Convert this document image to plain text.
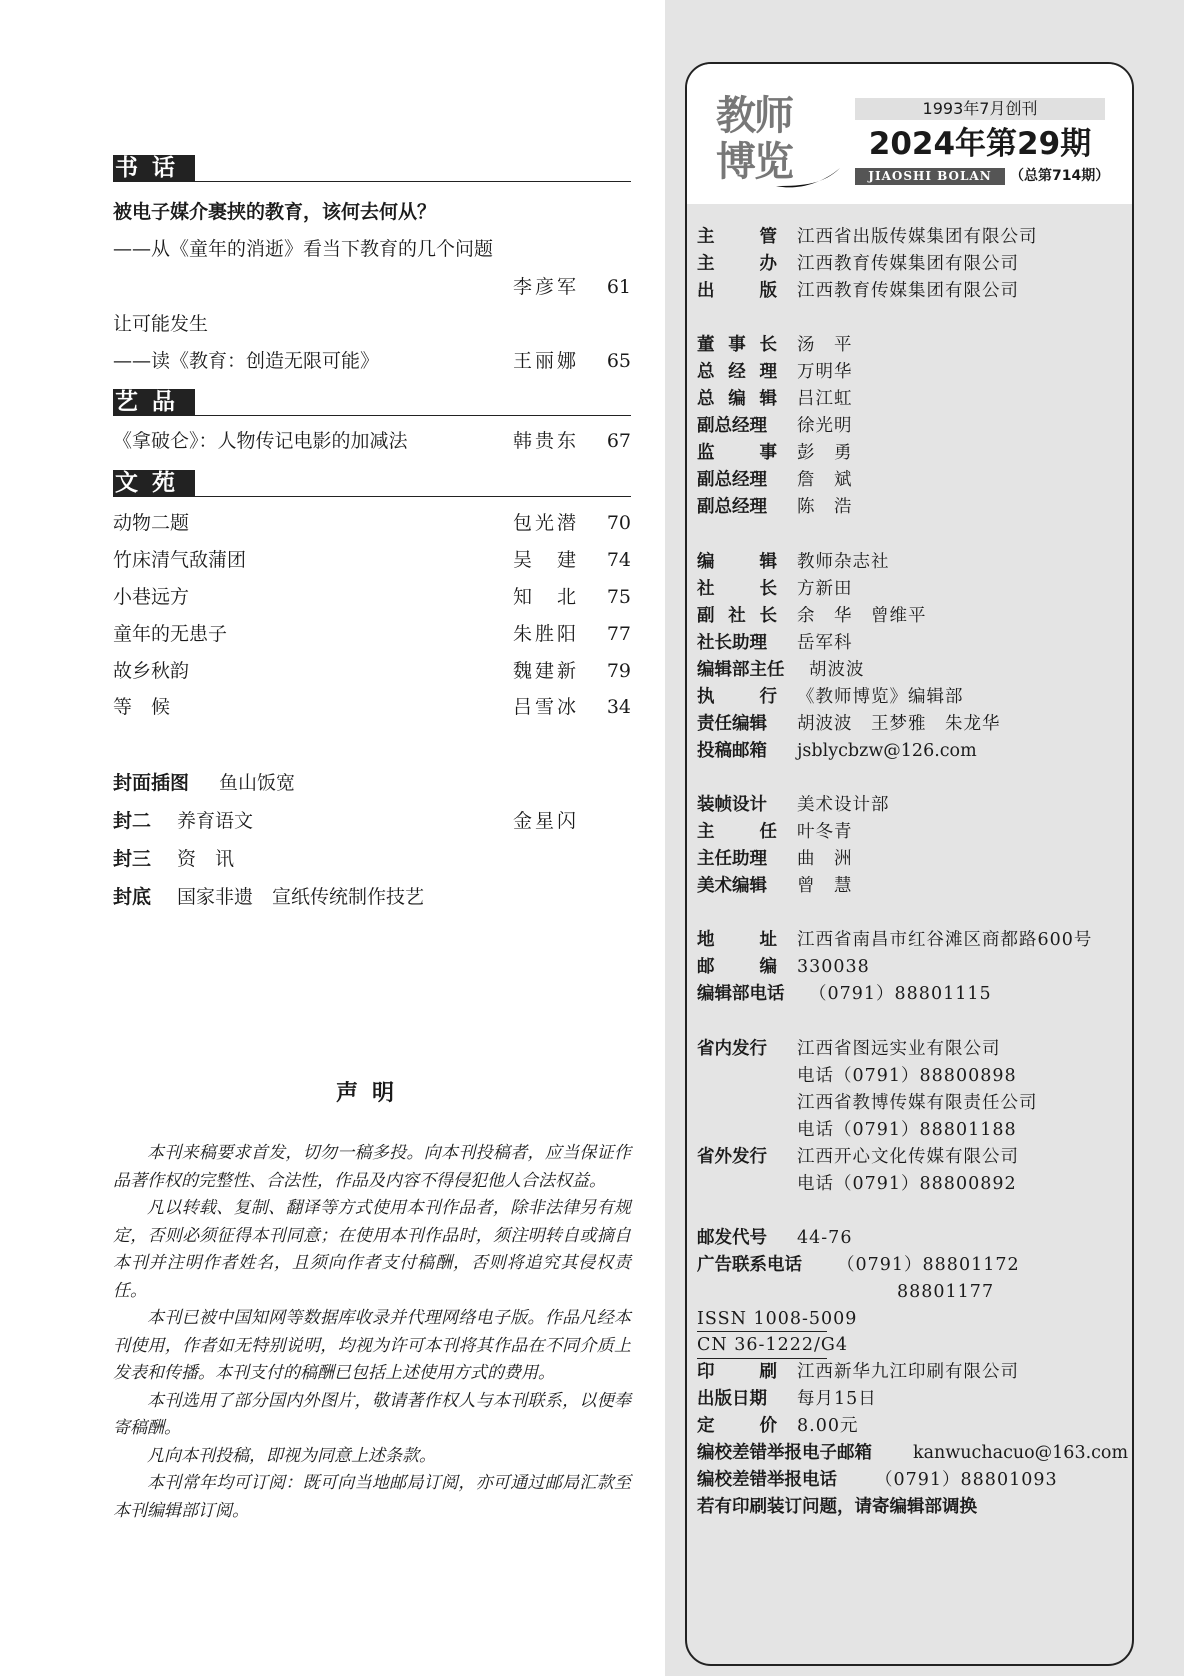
书话
被电子媒介裹挟的教育，该何去何从？
——从《童年的消逝》看当下教育的几个问题
李彦军 61
让可能发生
——读《教育：创造无限可能》	王丽娜 65
艺品
《拿破仑》：人物传记电影的加减法	韩贵东 67
文苑
动物二题	包光潜 70
竹床清气敌蒲团	吴　建 74
小巷远方	知　北 75
童年的无患子	朱胜阳 77
故乡秋韵	魏建新 79
等　候	吕雪冰 34
封面插图 鱼山饭宽
封二 养育语文	金星闪
封三 资　讯
封底 国家非遗　宣纸传统制作技艺
声明

本刊来稿要求首发，切勿一稿多投。向本刊投稿者，应当保证作品著作权的完整性、合法性，作品及内容不得侵犯他人合法权益。

凡以转载、复制、翻译等方式使用本刊作品者，除非法律另有规定，否则必须征得本刊同意；在使用本刊作品时，须注明转自或摘自本刊并注明作者姓名，且须向作者支付稿酬，否则将追究其侵权责任。

本刊已被中国知网等数据库收录并代理网络电子版。作品凡经本刊使用，作者如无特别说明，均视为许可本刊将其作品在不同介质上发表和传播。本刊支付的稿酬已包括上述使用方式的费用。

本刊选用了部分国内外图片，敬请著作权人与本刊联系，以便奉寄稿酬。

凡向本刊投稿，即视为同意上述条款。

本刊常年均可订阅：既可向当地邮局订阅，亦可通过邮局汇款至本刊编辑部订阅。

教师
博览
1993年7月创刊
2024年第29期
JIAOSHI BOLAN	（总第714期）
主管 江西省出版传媒集团有限公司
主办 江西教育传媒集团有限公司
出版 江西教育传媒集团有限公司
董事长 汤　平
总经理 万明华
总编辑 吕江虹
副总经理 徐光明
监事 彭　勇
副总经理 詹　斌
副总经理 陈　浩
编辑 教师杂志社
社长 方新田
副社长 余　华　曾维平
社长助理 岳军科
编辑部主任 胡波波
执行 《教师博览》编辑部
责任编辑 胡波波　王梦雅　朱龙华
投稿邮箱 jsblycbzw@126.com
装帧设计 美术设计部
主任 叶冬青
主任助理 曲　洲
美术编辑 曾　慧
地址 江西省南昌市红谷滩区商都路600号
邮编 330038
编辑部电话 （0791）88801115
省内发行 江西省图远实业有限公司
电话（0791）88800898
江西省教博传媒有限责任公司
电话（0791）88801188
省外发行 江西开心文化传媒有限公司
电话（0791）88800892
邮发代号 44-76
广告联系电话 （0791）88801172
88801177
ISSN 1008-5009
CN 36-1222/G4
印刷 江西新华九江印刷有限公司
出版日期 每月15日
定价 8.00元
编校差错举报电子邮箱 kanwuchacuo@163.com
编校差错举报电话 （0791）88801093
若有印刷装订问题，请寄编辑部调换
